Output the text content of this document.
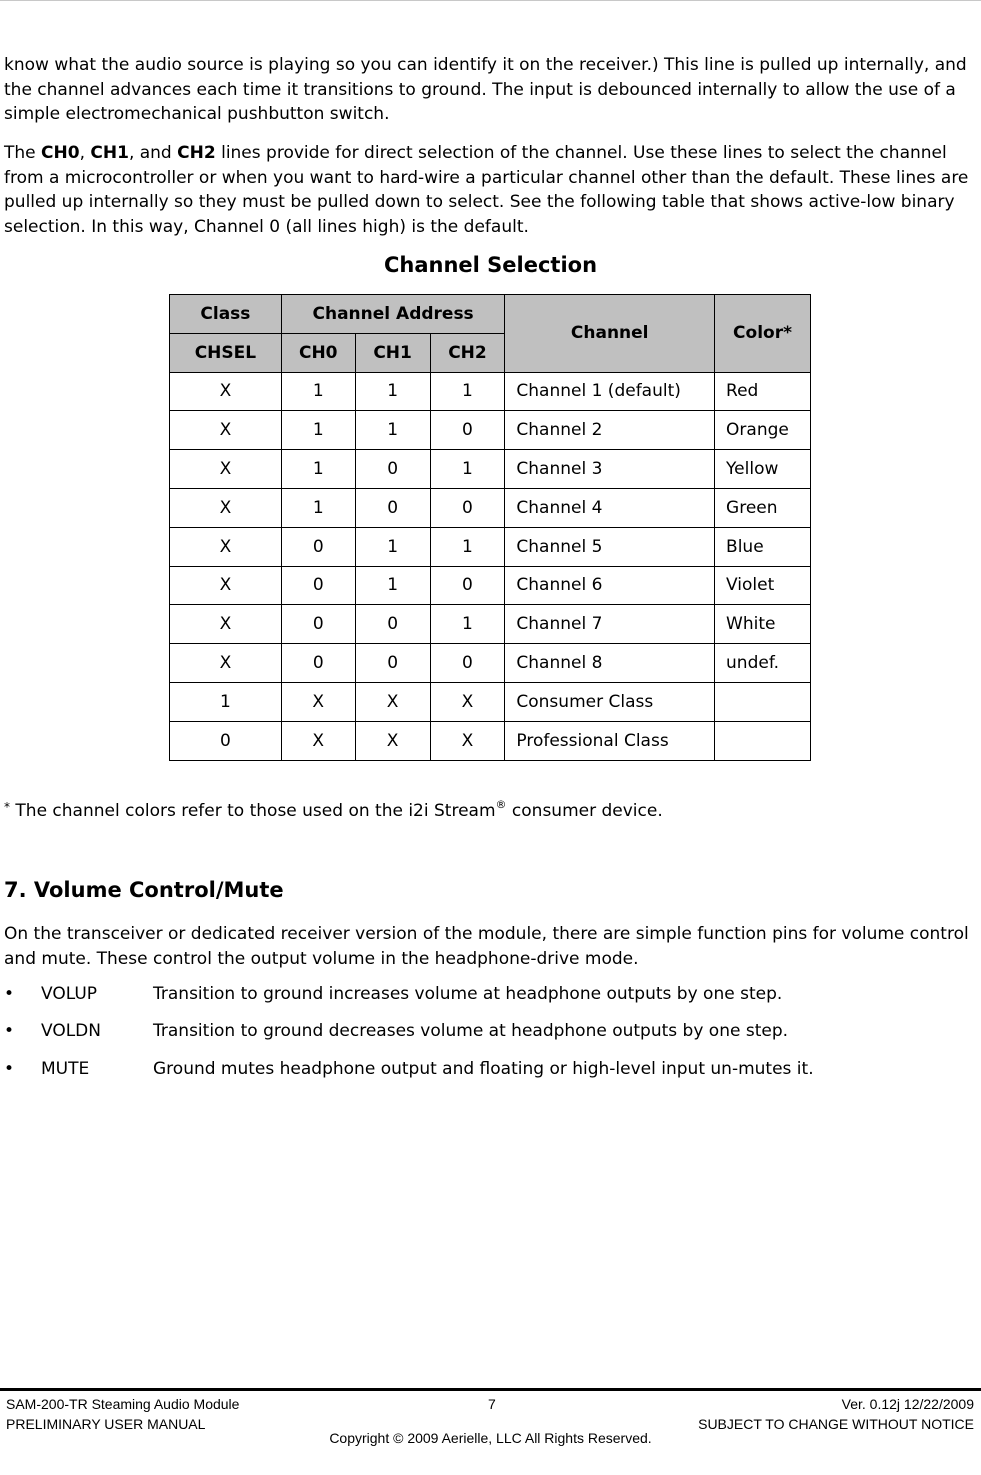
know what the audio source is playing so you can identify it on the receiver.) This line is pulled up internally, and the channel advances each time it transitions to ground. The input is debounced internally to allow the use of a simple electromechanical pushbutton switch.

The CH0, CH1, and CH2 lines provide for direct selection of the channel. Use these lines to select the channel from a microcontroller or when you want to hard-wire a particular channel other than the default. These lines are pulled up internally so they must be pulled down to select. See the following table that shows active-low binary selection. In this way, Channel 0 (all lines high) is the default.

Channel Selection
Class	Channel Address			Channel	Color*
CHSEL	CH0	CH1	CH2		
X	1	1	1	Channel 1 (default)	Red
X	1	1	0	Channel 2	Orange
X	1	0	1	Channel 3	Yellow
X	1	0	0	Channel 4	Green
X	0	1	1	Channel 5	Blue
X	0	1	0	Channel 6	Violet
X	0	0	1	Channel 7	White
X	0	0	0	Channel 8	undef.
1	X	X	X	Consumer Class	
0	X	X	X	Professional Class	
* The channel colors refer to those used on the i2i Stream® consumer device.
7. Volume Control/Mute

On the transceiver or dedicated receiver version of the module, there are simple function pins for volume control and mute. These control the output volume in the headphone-drive mode.

• VOLUP	Transition to ground increases volume at headphone outputs by one step.
• VOLDN	Transition to ground decreases volume at headphone outputs by one step.
• MUTE	Ground mutes headphone output and floating or high-level input un-mutes it.
SAM-200-TR Steaming Audio Module
PRELIMINARY USER MANUAL
7	Ver. 0.12j 12/22/2009
SUBJECT TO CHANGE WITHOUT NOTICE
Copyright © 2009 Aerielle, LLC All Rights Reserved.
